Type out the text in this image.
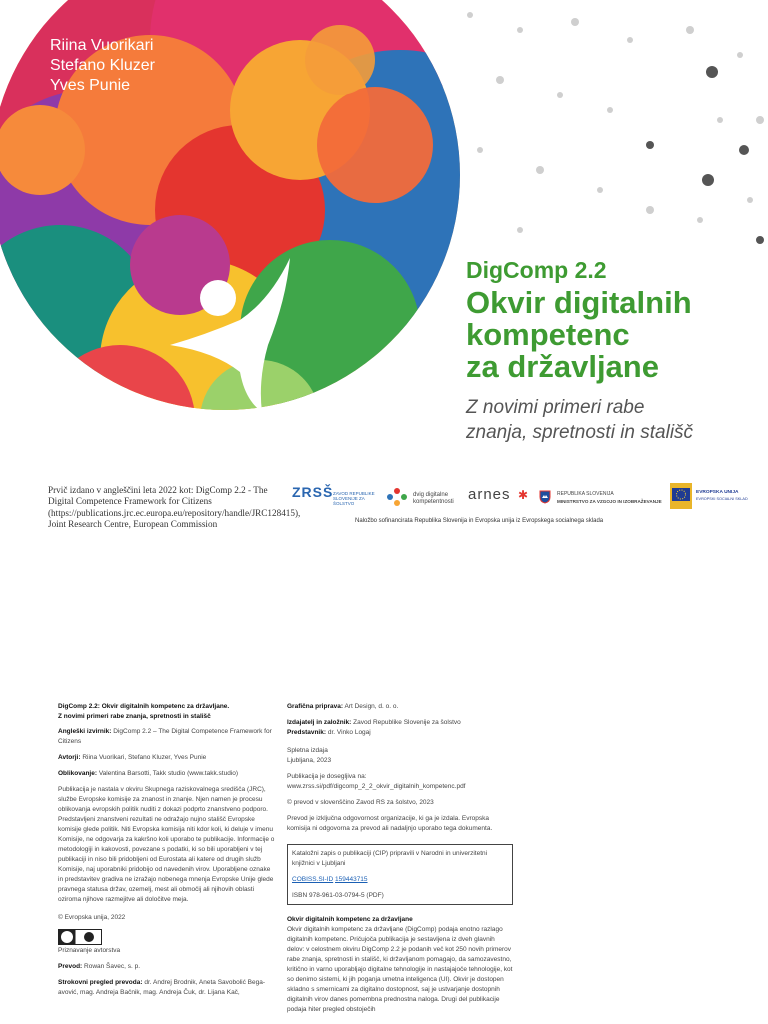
Riina Vuorikari
Stefano Kluzer
Yves Punie
DigComp 2.2
Okvir digitalnih
kompetenc
za državljane
Z novimi primeri rabe
znanja, spretnosti in stališč
Prvič izdano v angleščini leta 2022 kot: DigComp 2.2 - The Digital Competence Framework for Citizens (https://publications.jrc.ec.europa.eu/repository/handle/JRC128415), Joint Research Centre, European Commission
ZRSŠ ZAVOD REPUBLIKE SLOVENIJE ZA ŠOLSTVO
dvig digitalne kompetentnosti arnes ✱	REPUBLIKA SLOVENIJA
MINISTRSTVO ZA VZGOJO IN IZOBRAŽEVANJE
EVROPSKA UNIJA
EVROPSKI SOCIALNI SKLAD
Naložbo sofinancirata Republika Slovenija in Evropska unija iz Evropskega socialnega sklada
DigComp 2.2: Okvir digitalnih kompetenc za državljane.
Z novimi primeri rabe znanja, spretnosti in stališč

Angleški izvirnik: DigComp 2.2 – The Digital Competence Framework for Citizens

Avtorji: Riina Vuorikari, Stefano Kluzer, Yves Punie

Oblikovanje: Valentina Barsotti, Takk studio (www.takk.studio)

Publikacija je nastala v okviru Skupnega raziskovalnega središča (JRC), službe Evropske komisije za znanost in znanje. Njen namen je procesu oblikovanja evropskih politik nuditi z dokazi podprto znanstveno podporo. Predstavljeni znanstveni rezultati ne odražajo nujno stališč Evropske komisije glede politik. Niti Evropska komisija niti kdor koli, ki deluje v imenu Komisije, ne odgovarja za kakršno koli uporabo te publikacije. Informacije o metodologiji in kakovosti, povezane s podatki, ki so bili uporabljeni v tej publikaciji in niso bili pridobljeni od Eurostata ali katere od drugih služb Komisije, naj uporabniki pridobijo od navedenih virov. Uporabljene oznake in predstavitev gradiva ne izražajo nobenega mnenja Evropske Unije glede pravnega statusa držav, ozemelj, mest ali območij ali njihovih oblasti oziroma njihove razmejitve ali določitve meja.

© Evropska unija, 2022

Priznavanje avtorstva

Prevod: Rowan Šavec, s. p.

Strokovni pregled prevoda: dr. Andrej Brodnik, Aneta Savobolić Bega-avović, mag. Andreja Bačnik, mag. Andreja Čuk, dr. Lijana Kač,

Grafična priprava: Art Design, d. o. o.

Izdajatelj in založnik: Zavod Republike Slovenije za šolstvo

Predstavnik: dr. Vinko Logaj

Spletna izdaja

Ljubljana, 2023

Publikacija je dosegljiva na:

www.zrss.si/pdf/digcomp_2_2_okvir_digitalnih_kompetenc.pdf

© prevod v slovenščino Zavod RS za šolstvo, 2023

Prevod je izključna odgovornost organizacije, ki ga je izdala. Evropska komisija ni odgovorna za prevod ali nadaljnjo uporabo tega dokumenta.

Kataložni zapis o publikaciji (CIP) pripravili v Narodni in univerzitetni knjižnici v Ljubljani

COBISS.SI-ID 159443715

ISBN 978-961-03-0794-5 (PDF)

Okvir digitalnih kompetenc za državljane
Okvir digitalnih kompetenc za državljane (DigComp) podaja enotno razlago digitalnih kompetenc. Pričujoča publikacija je sestavljena iz dveh glavnih delov: v celostnem okviru DigComp 2.2 je podanih več kot 250 novih primerov rabe znanja, spretnosti in stališč, ki državljanom pomagajo, da samozavestno, kritično in varno uporabljajo digitalne tehnologije in nastajajoče tehnologije, kot so denimo sistemi, ki jih poganja umetna inteligenca (UI). Okvir je dostopen skladno s smernicami za digitalno dostopnost, saj je ustvarjanje dostopnih digitalnih virov danes pomembna prednostna naloga. Drugi del publikacije podaja hiter pregled obstoječih
